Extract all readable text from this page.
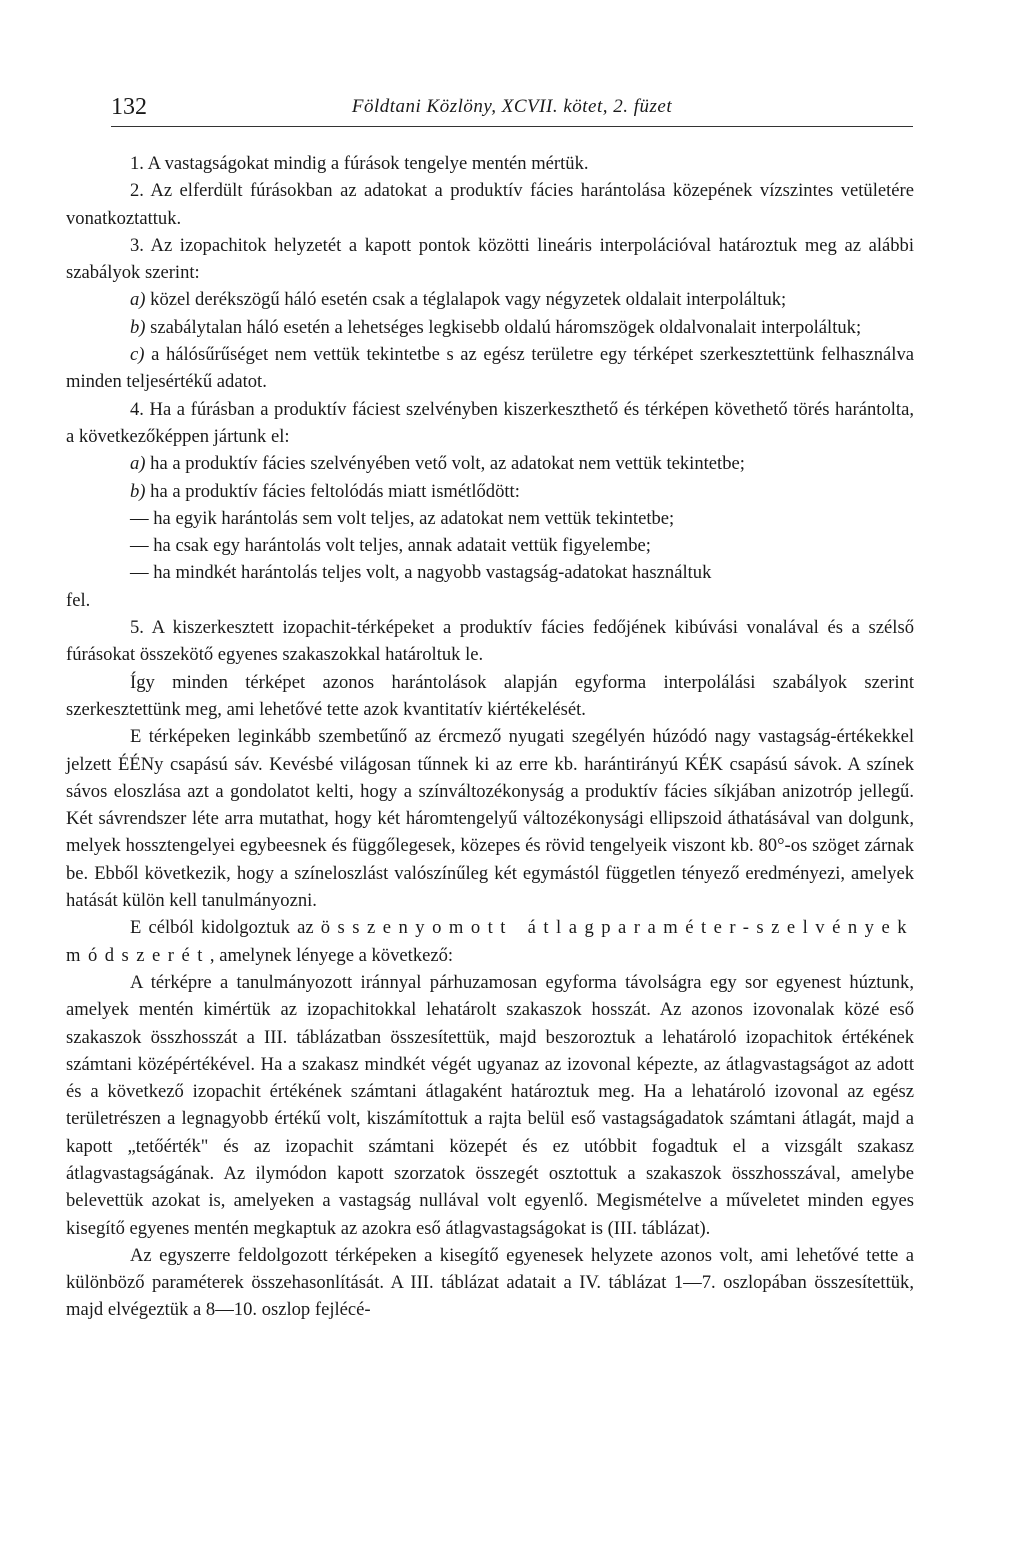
132	Földtani Közlöny, XCVII. kötet, 2. füzet

1. A vastagságokat mindig a fúrások tengelye mentén mértük.

2. Az elferdült fúrásokban az adatokat a produktív fácies harántolása közepének vízszintes vetületére vonatkoztattuk.

3. Az izopachitok helyzetét a kapott pontok közötti lineáris interpolációval határoztuk meg az alábbi szabályok szerint:

a) közel derékszögű háló esetén csak a téglalapok vagy négyzetek oldalait interpoláltuk;

b) szabálytalan háló esetén a lehetséges legkisebb oldalú háromszögek oldalvonalait interpoláltuk;

c) a hálósűrűséget nem vettük tekintetbe s az egész területre egy térképet szerkesztettünk felhasználva minden teljesértékű adatot.

4. Ha a fúrásban a produktív fáciest szelvényben kiszerkeszthető és térképen követhető törés harántolta, a következőképpen jártunk el:

a) ha a produktív fácies szelvényében vető volt, az adatokat nem vettük tekintetbe;

b) ha a produktív fácies feltolódás miatt ismétlődött:

— ha egyik harántolás sem volt teljes, az adatokat nem vettük tekintetbe;

— ha csak egy harántolás volt teljes, annak adatait vettük figyelembe;

— ha mindkét harántolás teljes volt, a nagyobb vastagság-adatokat használtuk

fel.

5. A kiszerkesztett izopachit-térképeket a produktív fácies fedőjének kibúvási vonalával és a szélső fúrásokat összekötő egyenes szakaszokkal határoltuk le.

Így minden térképet azonos harántolások alapján egyforma interpolálási szabályok szerint szerkesztettünk meg, ami lehetővé tette azok kvantitatív kiértékelését.

E térképeken leginkább szembetűnő az ércmező nyugati szegélyén húzódó nagy vastagság-értékekkel jelzett ÉÉNy csapású sáv. Kevésbé világosan tűnnek ki az erre kb. harántirányú KÉK csapású sávok. A színek sávos eloszlása azt a gondolatot kelti, hogy a színváltozékonyság a produktív fácies síkjában anizotróp jellegű. Két sávrendszer léte arra mutathat, hogy két háromtengelyű változékonysági ellipszoid áthatásával van dolgunk, melyek hossztengelyei egybeesnek és függőlegesek, közepes és rövid tengelyeik viszont kb. 80°-os szöget zárnak be. Ebből következik, hogy a színeloszlást valószínűleg két egymástól független tényező eredményezi, amelyek hatását külön kell tanulmányozni.

E célból kidolgoztuk az összenyomott átlagparaméter-szelvények módszerét, amelynek lényege a következő:

A térképre a tanulmányozott iránnyal párhuzamosan egyforma távolságra egy sor egyenest húztunk, amelyek mentén kimértük az izopachitokkal lehatárolt szakaszok hosszát. Az azonos izovonalak közé eső szakaszok összhosszát a III. táblázatban összesítettük, majd beszoroztuk a lehatároló izopachitok értékének számtani középértékével. Ha a szakasz mindkét végét ugyanaz az izovonal képezte, az átlagvastagságot az adott és a következő izopachit értékének számtani átlagaként határoztuk meg. Ha a lehatároló izovonal az egész területrészen a legnagyobb értékű volt, kiszámítottuk a rajta belül eső vastagságadatok számtani átlagát, majd a kapott „tetőérték" és az izopachit számtani közepét és ez utóbbit fogadtuk el a vizsgált szakasz átlagvastagságának. Az ilymódon kapott szorzatok összegét osztottuk a szakaszok összhosszával, amelybe belevettük azokat is, amelyeken a vastagság nullával volt egyenlő. Megismételve a műveletet minden egyes kisegítő egyenes mentén megkaptuk az azokra eső átlagvastagságokat is (III. táblázat).

Az egyszerre feldolgozott térképeken a kisegítő egyenesek helyzete azonos volt, ami lehetővé tette a különböző paraméterek összehasonlítását. A III. táblázat adatait a IV. táblázat 1—7. oszlopában összesítettük, majd elvégeztük a 8—10. oszlop fejlécé-
